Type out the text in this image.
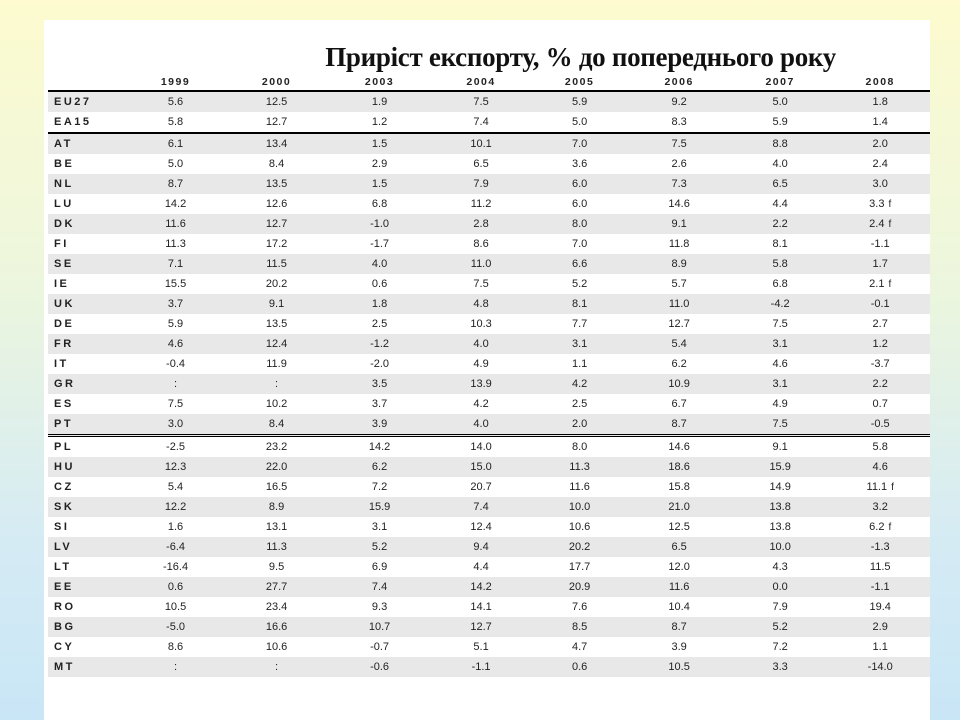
Приріст експорту, % до попереднього року
	1999	2000	2003	2004	2005	2006	2007	2008
EU27	5.6	12.5	1.9	7.5	5.9	9.2	5.0	1.8
EA15	5.8	12.7	1.2	7.4	5.0	8.3	5.9	1.4
AT	6.1	13.4	1.5	10.1	7.0	7.5	8.8	2.0
BE	5.0	8.4	2.9	6.5	3.6	2.6	4.0	2.4
NL	8.7	13.5	1.5	7.9	6.0	7.3	6.5	3.0
LU	14.2	12.6	6.8	11.2	6.0	14.6	4.4	3.3 f
DK	11.6	12.7	-1.0	2.8	8.0	9.1	2.2	2.4 f
FI	11.3	17.2	-1.7	8.6	7.0	11.8	8.1	-1.1
SE	7.1	11.5	4.0	11.0	6.6	8.9	5.8	1.7
IE	15.5	20.2	0.6	7.5	5.2	5.7	6.8	2.1 f
UK	3.7	9.1	1.8	4.8	8.1	11.0	-4.2	-0.1
DE	5.9	13.5	2.5	10.3	7.7	12.7	7.5	2.7
FR	4.6	12.4	-1.2	4.0	3.1	5.4	3.1	1.2
IT	-0.4	11.9	-2.0	4.9	1.1	6.2	4.6	-3.7
GR	:	:	3.5	13.9	4.2	10.9	3.1	2.2
ES	7.5	10.2	3.7	4.2	2.5	6.7	4.9	0.7
PT	3.0	8.4	3.9	4.0	2.0	8.7	7.5	-0.5
PL	-2.5	23.2	14.2	14.0	8.0	14.6	9.1	5.8
HU	12.3	22.0	6.2	15.0	11.3	18.6	15.9	4.6
CZ	5.4	16.5	7.2	20.7	11.6	15.8	14.9	11.1 f
SK	12.2	8.9	15.9	7.4	10.0	21.0	13.8	3.2
SI	1.6	13.1	3.1	12.4	10.6	12.5	13.8	6.2 f
LV	-6.4	11.3	5.2	9.4	20.2	6.5	10.0	-1.3
LT	-16.4	9.5	6.9	4.4	17.7	12.0	4.3	11.5
EE	0.6	27.7	7.4	14.2	20.9	11.6	0.0	-1.1
RO	10.5	23.4	9.3	14.1	7.6	10.4	7.9	19.4
BG	-5.0	16.6	10.7	12.7	8.5	8.7	5.2	2.9
CY	8.6	10.6	-0.7	5.1	4.7	3.9	7.2	1.1
MT	:	:	-0.6	-1.1	0.6	10.5	3.3	-14.0
